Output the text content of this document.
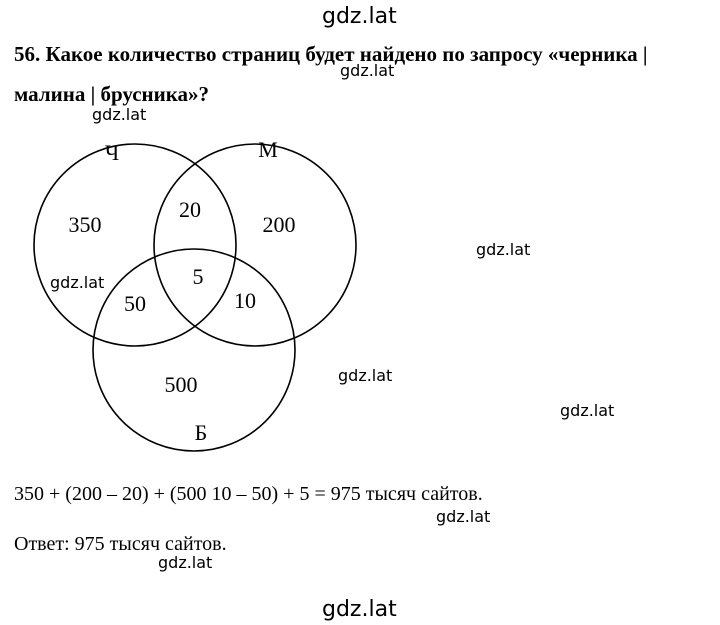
gdz.lat
gdz.lat
gdz.lat
gdz.lat
gdz.lat
gdz.lat
gdz.lat
gdz.lat
gdz.lat
gdz.lat
56. Какое количество страниц будет найдено по запросу «черника |
малина | брусника»?
Ч	М
Б
350	200
500
20
50	10
5
350 + (200 – 20) + (500 10 – 50) + 5 = 975 тысяч сайтов.
Ответ: 975 тысяч сайтов.
